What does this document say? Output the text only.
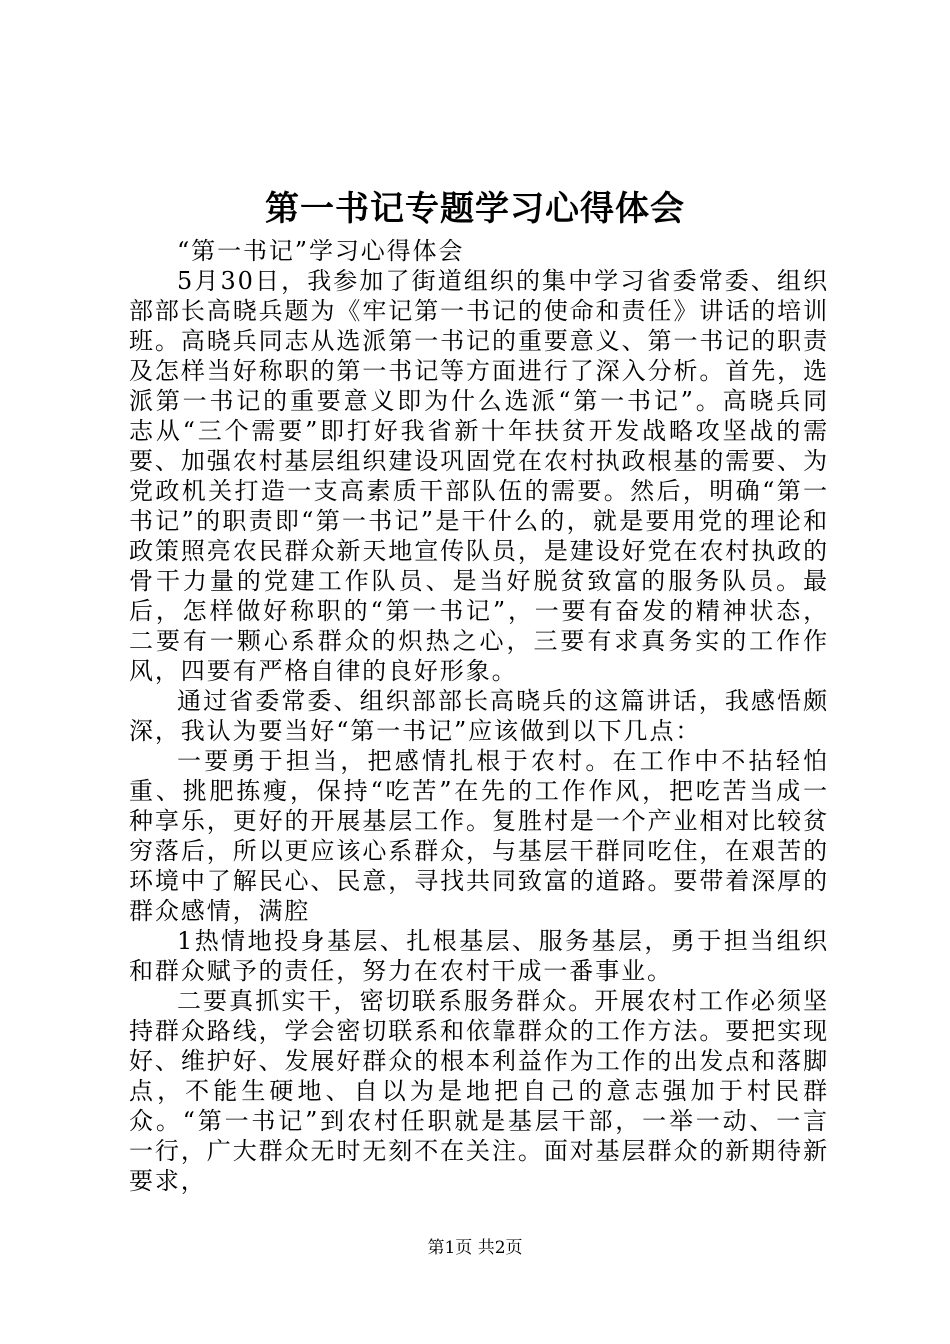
第一书记专题学习心得体会

“第一书记”学习心得体会

5月30日，我参加了街道组织的集中学习省委常委、组织部部长高晓兵题为《牢记第一书记的使命和责任》讲话的培训班。高晓兵同志从选派第一书记的重要意义、第一书记的职责及怎样当好称职的第一书记等方面进行了深入分析。首先，选派第一书记的重要意义即为什么选派“第一书记”。高晓兵同志从“三个需要”即打好我省新十年扶贫开发战略攻坚战的需要、加强农村基层组织建设巩固党在农村执政根基的需要、为党政机关打造一支高素质干部队伍的需要。然后，明确“第一书记”的职责即“第一书记”是干什么的，就是要用党的理论和政策照亮农民群众新天地宣传队员，是建设好党在农村执政的骨干力量的党建工作队员、是当好脱贫致富的服务队员。最后，怎样做好称职的“第一书记”，一要有奋发的精神状态，二要有一颗心系群众的炽热之心，三要有求真务实的工作作风，四要有严格自律的良好形象。

通过省委常委、组织部部长高晓兵的这篇讲话，我感悟颇深，我认为要当好“第一书记”应该做到以下几点：

一要勇于担当，把感情扎根于农村。在工作中不拈轻怕重、挑肥拣瘦，保持“吃苦”在先的工作作风，把吃苦当成一种享乐，更好的开展基层工作。复胜村是一个产业相对比较贫穷落后，所以更应该心系群众，与基层干群同吃住，在艰苦的环境中了解民心、民意，寻找共同致富的道路。要带着深厚的群众感情，满腔

1热情地投身基层、扎根基层、服务基层，勇于担当组织和群众赋予的责任，努力在农村干成一番事业。

二要真抓实干，密切联系服务群众。开展农村工作必须坚持群众路线，学会密切联系和依靠群众的工作方法。要把实现好、维护好、发展好群众的根本利益作为工作的出发点和落脚点，不能生硬地、自以为是地把自己的意志强加于村民群众。“第一书记”到农村任职就是基层干部，一举一动、一言一行，广大群众无时无刻不在关注。面对基层群众的新期待新要求，

第1页 共2页
